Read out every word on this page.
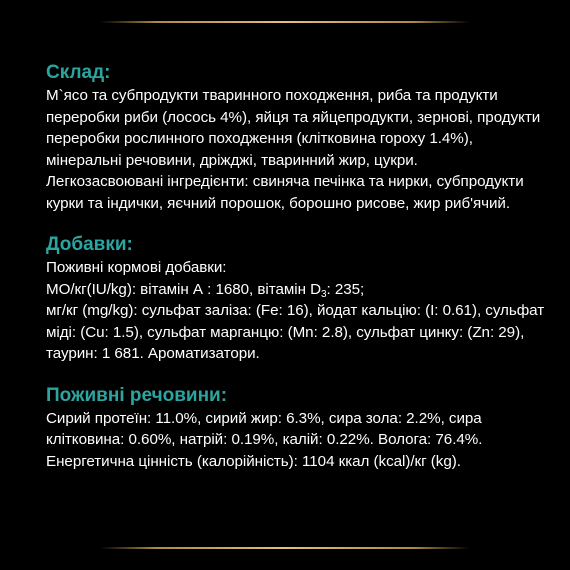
Склад:

М`ясо та субпродукти тваринного походження, риба та продукти переробки риби (лосось 4%), яйця та яйцепродукти, зернові, продукти переробки рослинного походження (клітковина гороху 1.4%), мінеральні речовини, дріжджі, тваринний жир, цукри.
Легкозасвоювані інгредієнти: свиняча печінка та нирки, субпродукти курки та індички, яєчний порошок, борошно рисове, жир риб'ячий.

Добавки:

Поживні кормові добавки:
МО/кг(IU/kg): вітамін А : 1680, вітамін $D_3$: 235;
мг/кг (mg/kg): сульфат заліза: (Fe: 16), йодат кальцію: (I: 0.61), сульфат міді: (Cu: 1.5), сульфат марганцю: (Mn: 2.8), сульфат цинку: (Zn: 29), таурин: 1 681. Ароматизатори.

Поживні речовини:

Сирий протеїн: 11.0%, сирий жир: 6.3%, сира зола: 2.2%, сира клітковина: 0.60%, натрій: 0.19%, калій: 0.22%. Волога: 76.4%.
Енергетична цінність (калорійність): 1104 ккал (kcal)/кг (kg).
